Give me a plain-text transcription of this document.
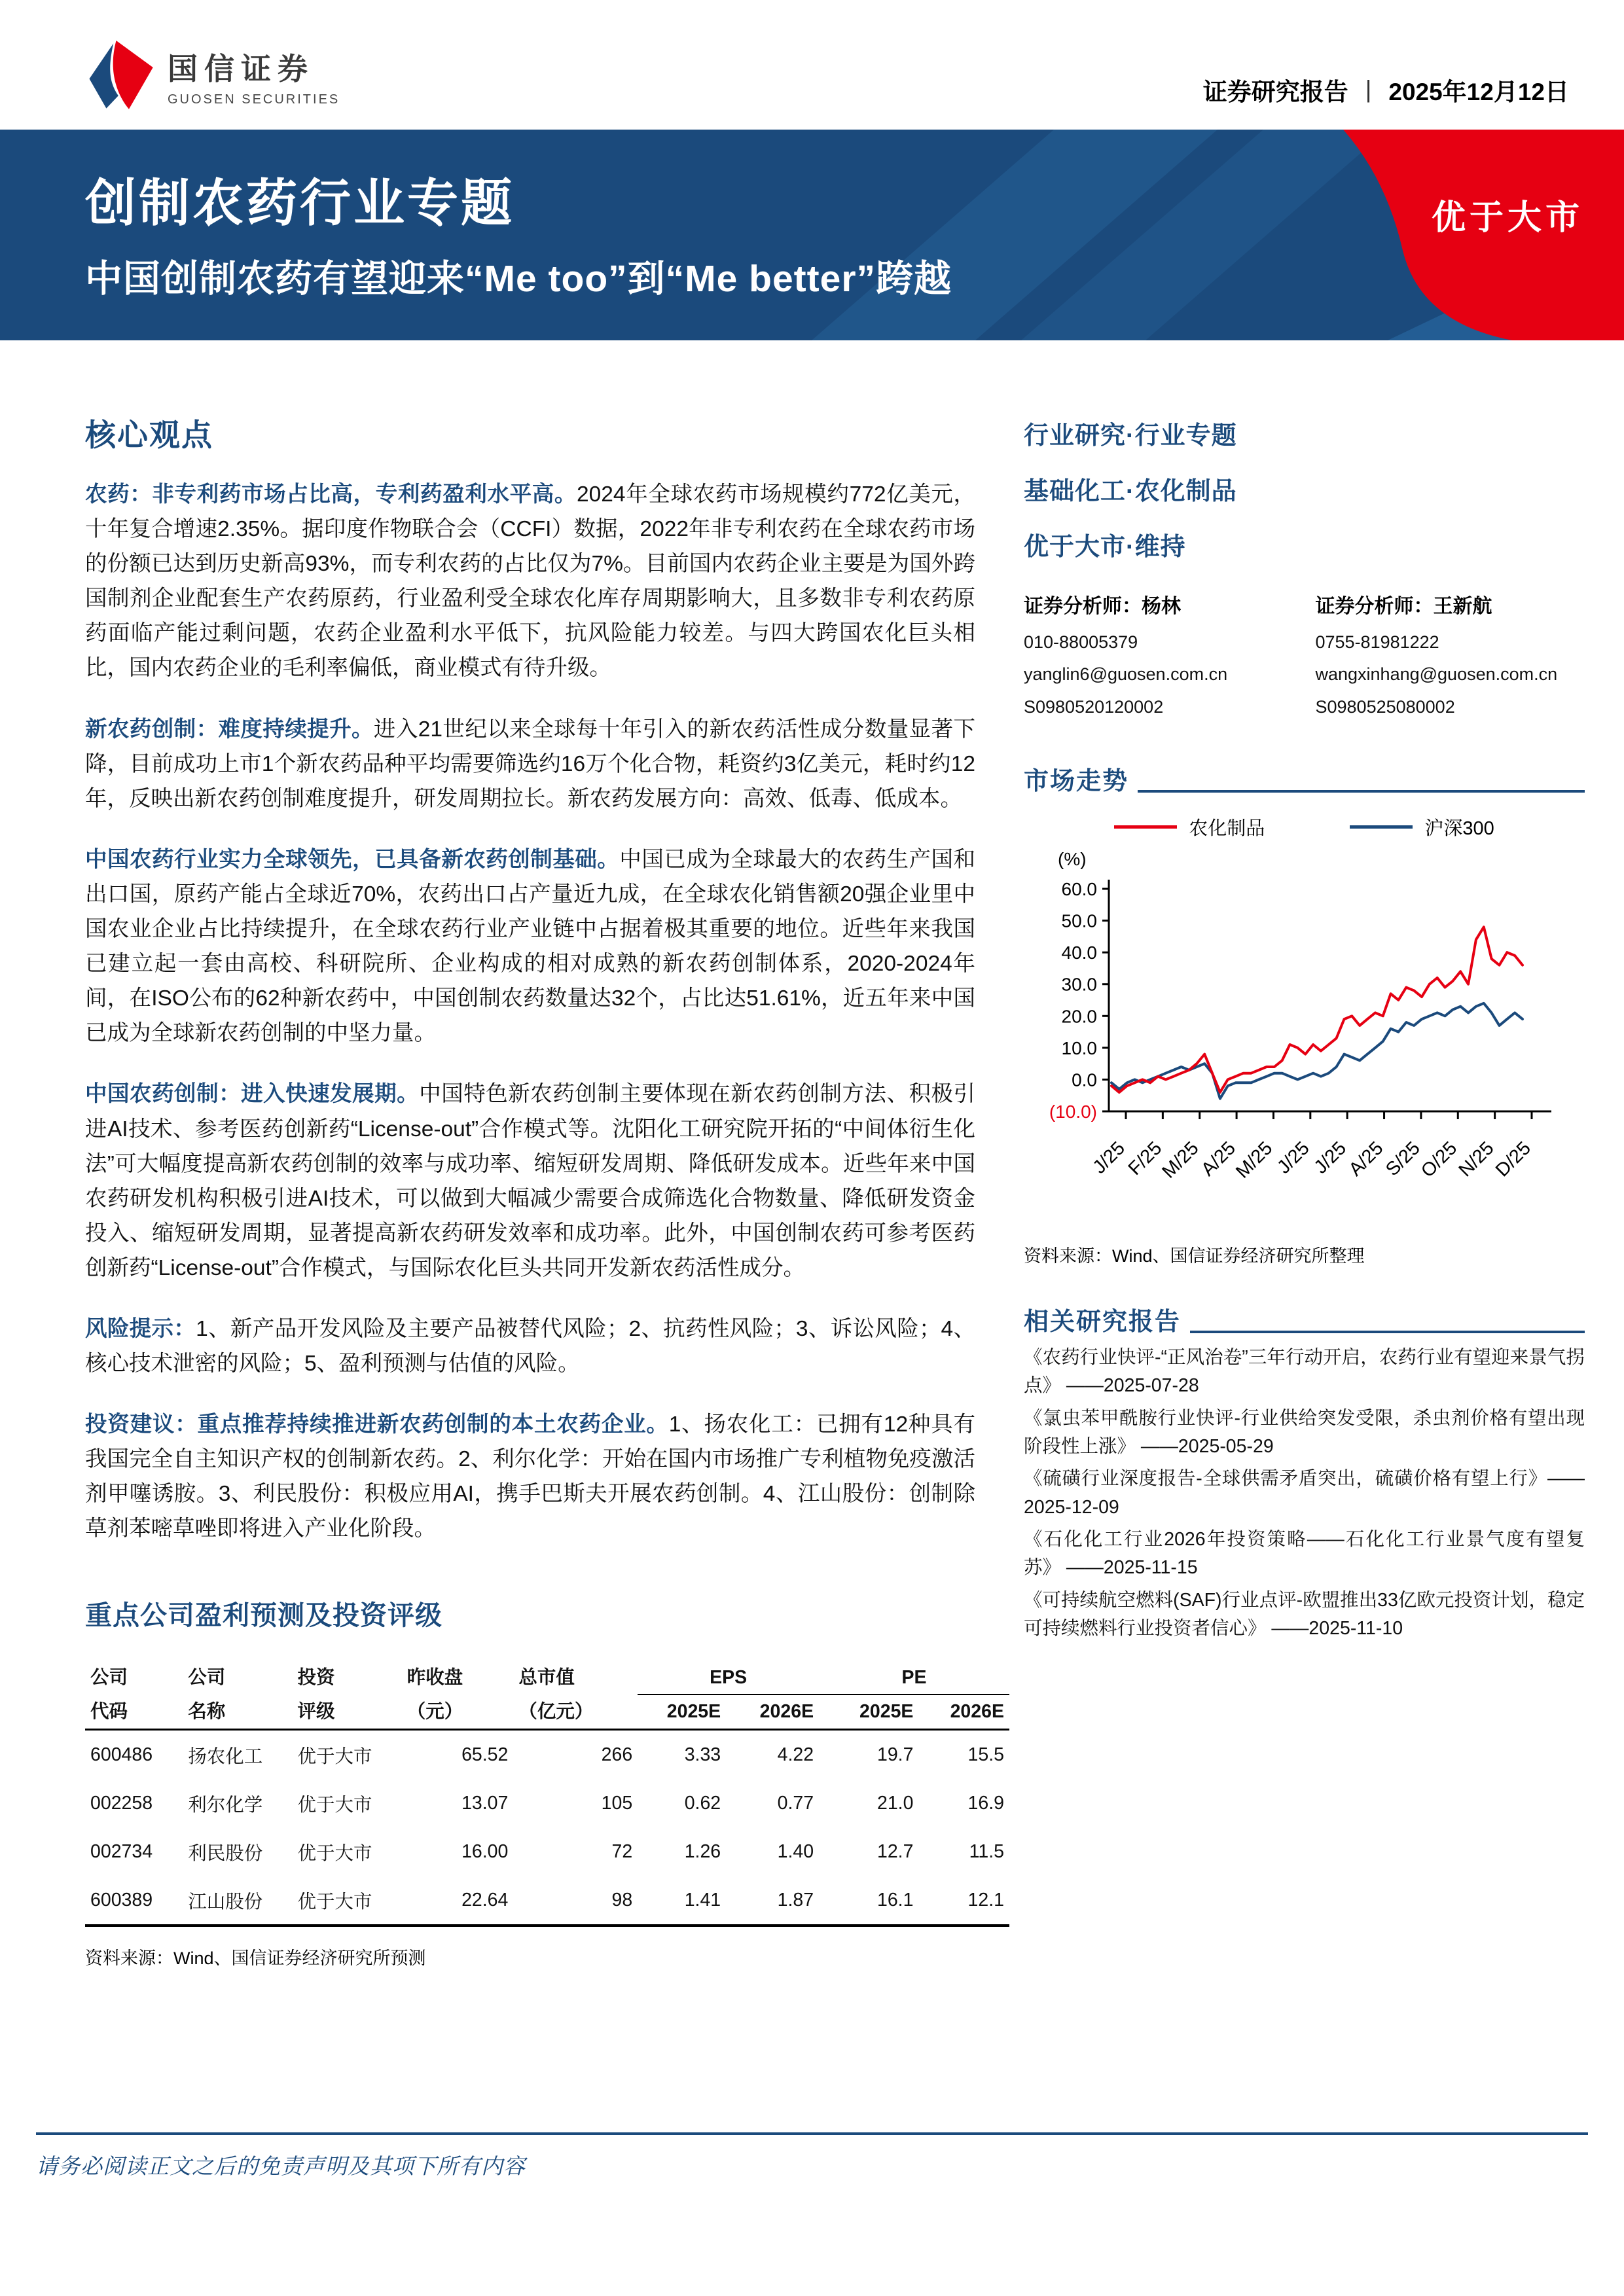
国信证券
GUOSEN SECURITIES	证券研究报告 | 2025年12月12日
创制农药行业专题
中国创制农药有望迎来“Me too”到“Me better”跨越
优于大市
核心观点

农药：非专利药市场占比高，专利药盈利水平高。2024年全球农药市场规模约772亿美元，十年复合增速2.35%。据印度作物联合会（CCFI）数据，2022年非专利农药在全球农药市场的份额已达到历史新高93%，而专利农药的占比仅为7%。目前国内农药企业主要是为国外跨国制剂企业配套生产农药原药，行业盈利受全球农化库存周期影响大，且多数非专利农药原药面临产能过剩问题，农药企业盈利水平低下，抗风险能力较差。与四大跨国农化巨头相比，国内农药企业的毛利率偏低，商业模式有待升级。

新农药创制：难度持续提升。进入21世纪以来全球每十年引入的新农药活性成分数量显著下降，目前成功上市1个新农药品种平均需要筛选约16万个化合物，耗资约3亿美元，耗时约12年，反映出新农药创制难度提升，研发周期拉长。新农药发展方向：高效、低毒、低成本。

中国农药行业实力全球领先，已具备新农药创制基础。中国已成为全球最大的农药生产国和出口国，原药产能占全球近70%，农药出口占产量近九成，在全球农化销售额20强企业里中国农业企业占比持续提升，在全球农药行业产业链中占据着极其重要的地位。近些年来我国已建立起一套由高校、科研院所、企业构成的相对成熟的新农药创制体系，2020-2024年间，在ISO公布的62种新农药中，中国创制农药数量达32个，占比达51.61%，近五年来中国已成为全球新农药创制的中坚力量。

中国农药创制：进入快速发展期。中国特色新农药创制主要体现在新农药创制方法、积极引进AI技术、参考医药创新药“License-out”合作模式等。沈阳化工研究院开拓的“中间体衍生化法”可大幅度提高新农药创制的效率与成功率、缩短研发周期、降低研发成本。近些年来中国农药研发机构积极引进AI技术，可以做到大幅减少需要合成筛选化合物数量、降低研发资金投入、缩短研发周期，显著提高新农药研发效率和成功率。此外，中国创制农药可参考医药创新药“License-out”合作模式，与国际农化巨头共同开发新农药活性成分。

风险提示：1、新产品开发风险及主要产品被替代风险；2、抗药性风险；3、诉讼风险；4、核心技术泄密的风险；5、盈利预测与估值的风险。

投资建议：重点推荐持续推进新农药创制的本土农药企业。1、扬农化工：已拥有12种具有我国完全自主知识产权的创制新农药。2、利尔化学：开始在国内市场推广专利植物免疫激活剂甲噻诱胺。3、利民股份：积极应用AI，携手巴斯夫开展农药创制。4、江山股份：创制除草剂苯嘧草唑即将进入产业化阶段。

重点公司盈利预测及投资评级
公司	公司	投资	昨收盘	总市值	EPS		PE	
代码	名称	评级	（元）	（亿元）	2025E	2026E	2025E	2026E
600486	扬农化工	优于大市	65.52	266	3.33	4.22	19.7	15.5
002258	利尔化学	优于大市	13.07	105	0.62	0.77	21.0	16.9
002734	利民股份	优于大市	16.00	72	1.26	1.40	12.7	11.5
600389	江山股份	优于大市	22.64	98	1.41	1.87	16.1	12.1
资料来源：Wind、国信证券经济研究所预测
行业研究·行业专题
基础化工·农化制品
优于大市·维持
证券分析师：杨林
010-88005379
yanglin6@guosen.com.cn
S0980520120002
证券分析师：王新航
0755-81981222
wangxinhang@guosen.com.cn
S0980525080002
市场走势
农化制品	沪深300
(%)
60.0
50.0
40.0
30.0
20.0
10.0
0.0
(10.0)
J/25
F/25
M/25
A/25
M/25
J/25
J/25
A/25
S/25
O/25
N/25
D/25
资料来源：Wind、国信证券经济研究所整理
相关研究报告
《农药行业快评-“正风治卷”三年行动开启，农药行业有望迎来景气拐点》 ——2025-07-28
《氯虫苯甲酰胺行业快评-行业供给突发受限，杀虫剂价格有望出现阶段性上涨》 ——2025-05-29
《硫磺行业深度报告-全球供需矛盾突出，硫磺价格有望上行》——2025-12-09
《石化化工行业2026年投资策略——石化化工行业景气度有望复苏》 ——2025-11-15
《可持续航空燃料(SAF)行业点评-欧盟推出33亿欧元投资计划，稳定可持续燃料行业投资者信心》 ——2025-11-10
请务必阅读正文之后的免责声明及其项下所有内容
